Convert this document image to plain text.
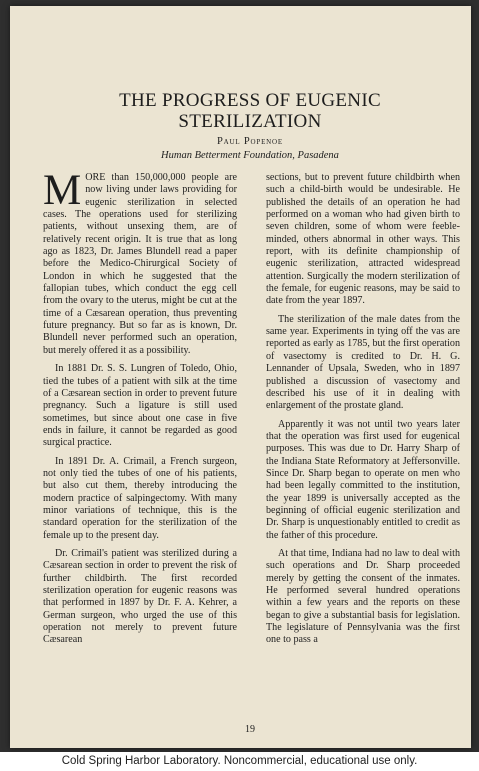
THE PROGRESS OF EUGENIC STERILIZATION
Paul Popenoe
Human Betterment Foundation, Pasadena

MORE than 150,000,000 people are now living under laws providing for eugenic sterilization in selected cases. The operations used for sterilizing patients, without unsexing them, are of relatively recent origin. It is true that as long ago as 1823, Dr. James Blundell read a paper before the Medico-Chirurgical Society of London in which he suggested that the fallopian tubes, which conduct the egg cell from the ovary to the uterus, might be cut at the time of a Cæsarean operation, thus preventing future pregnancy. But so far as is known, Dr. Blundell never performed such an operation, but merely offered it as a possibility.

In 1881 Dr. S. S. Lungren of Toledo, Ohio, tied the tubes of a patient with silk at the time of a Cæsarean section in order to prevent future pregnancy. Such a ligature is still used sometimes, but since about one case in five ends in failure, it cannot be regarded as good surgical practice.

In 1891 Dr. A. Crimail, a French surgeon, not only tied the tubes of one of his patients, but also cut them, thereby introducing the modern practice of salpingectomy. With many minor variations of technique, this is the standard operation for the sterilization of the female up to the present day.

Dr. Crimail's patient was sterilized during a Cæsarean section in order to prevent the risk of further childbirth. The first recorded sterilization operation for eugenic reasons was that performed in 1897 by Dr. F. A. Kehrer, a German surgeon, who urged the use of this operation not merely to prevent future Cæsarean

sections, but to prevent future childbirth when such a child-birth would be undesirable. He published the details of an operation he had performed on a woman who had given birth to seven children, some of whom were feeble-minded, others abnormal in other ways. This report, with its definite championship of eugenic sterilization, attracted widespread attention. Surgically the modern sterilization of the female, for eugenic reasons, may be said to date from the year 1897.

The sterilization of the male dates from the same year. Experiments in tying off the vas are reported as early as 1785, but the first operation of vasectomy is credited to Dr. H. G. Lennander of Upsala, Sweden, who in 1897 published a discussion of vasectomy and described his use of it in dealing with enlargement of the prostate gland.

Apparently it was not until two years later that the operation was first used for eugenical purposes. This was due to Dr. Harry Sharp of the Indiana State Reformatory at Jeffersonville. Since Dr. Sharp began to operate on men who had been legally committed to the institution, the year 1899 is universally accepted as the beginning of official eugenic sterilization and Dr. Sharp is unquestionably entitled to credit as the father of this procedure.

At that time, Indiana had no law to deal with such operations and Dr. Sharp proceeded merely by getting the consent of the inmates. He performed several hundred operations within a few years and the reports on these began to give a substantial basis for legislation. The legislature of Pennsylvania was the first one to pass a

19
Cold Spring Harbor Laboratory. Noncommercial, educational use only.
